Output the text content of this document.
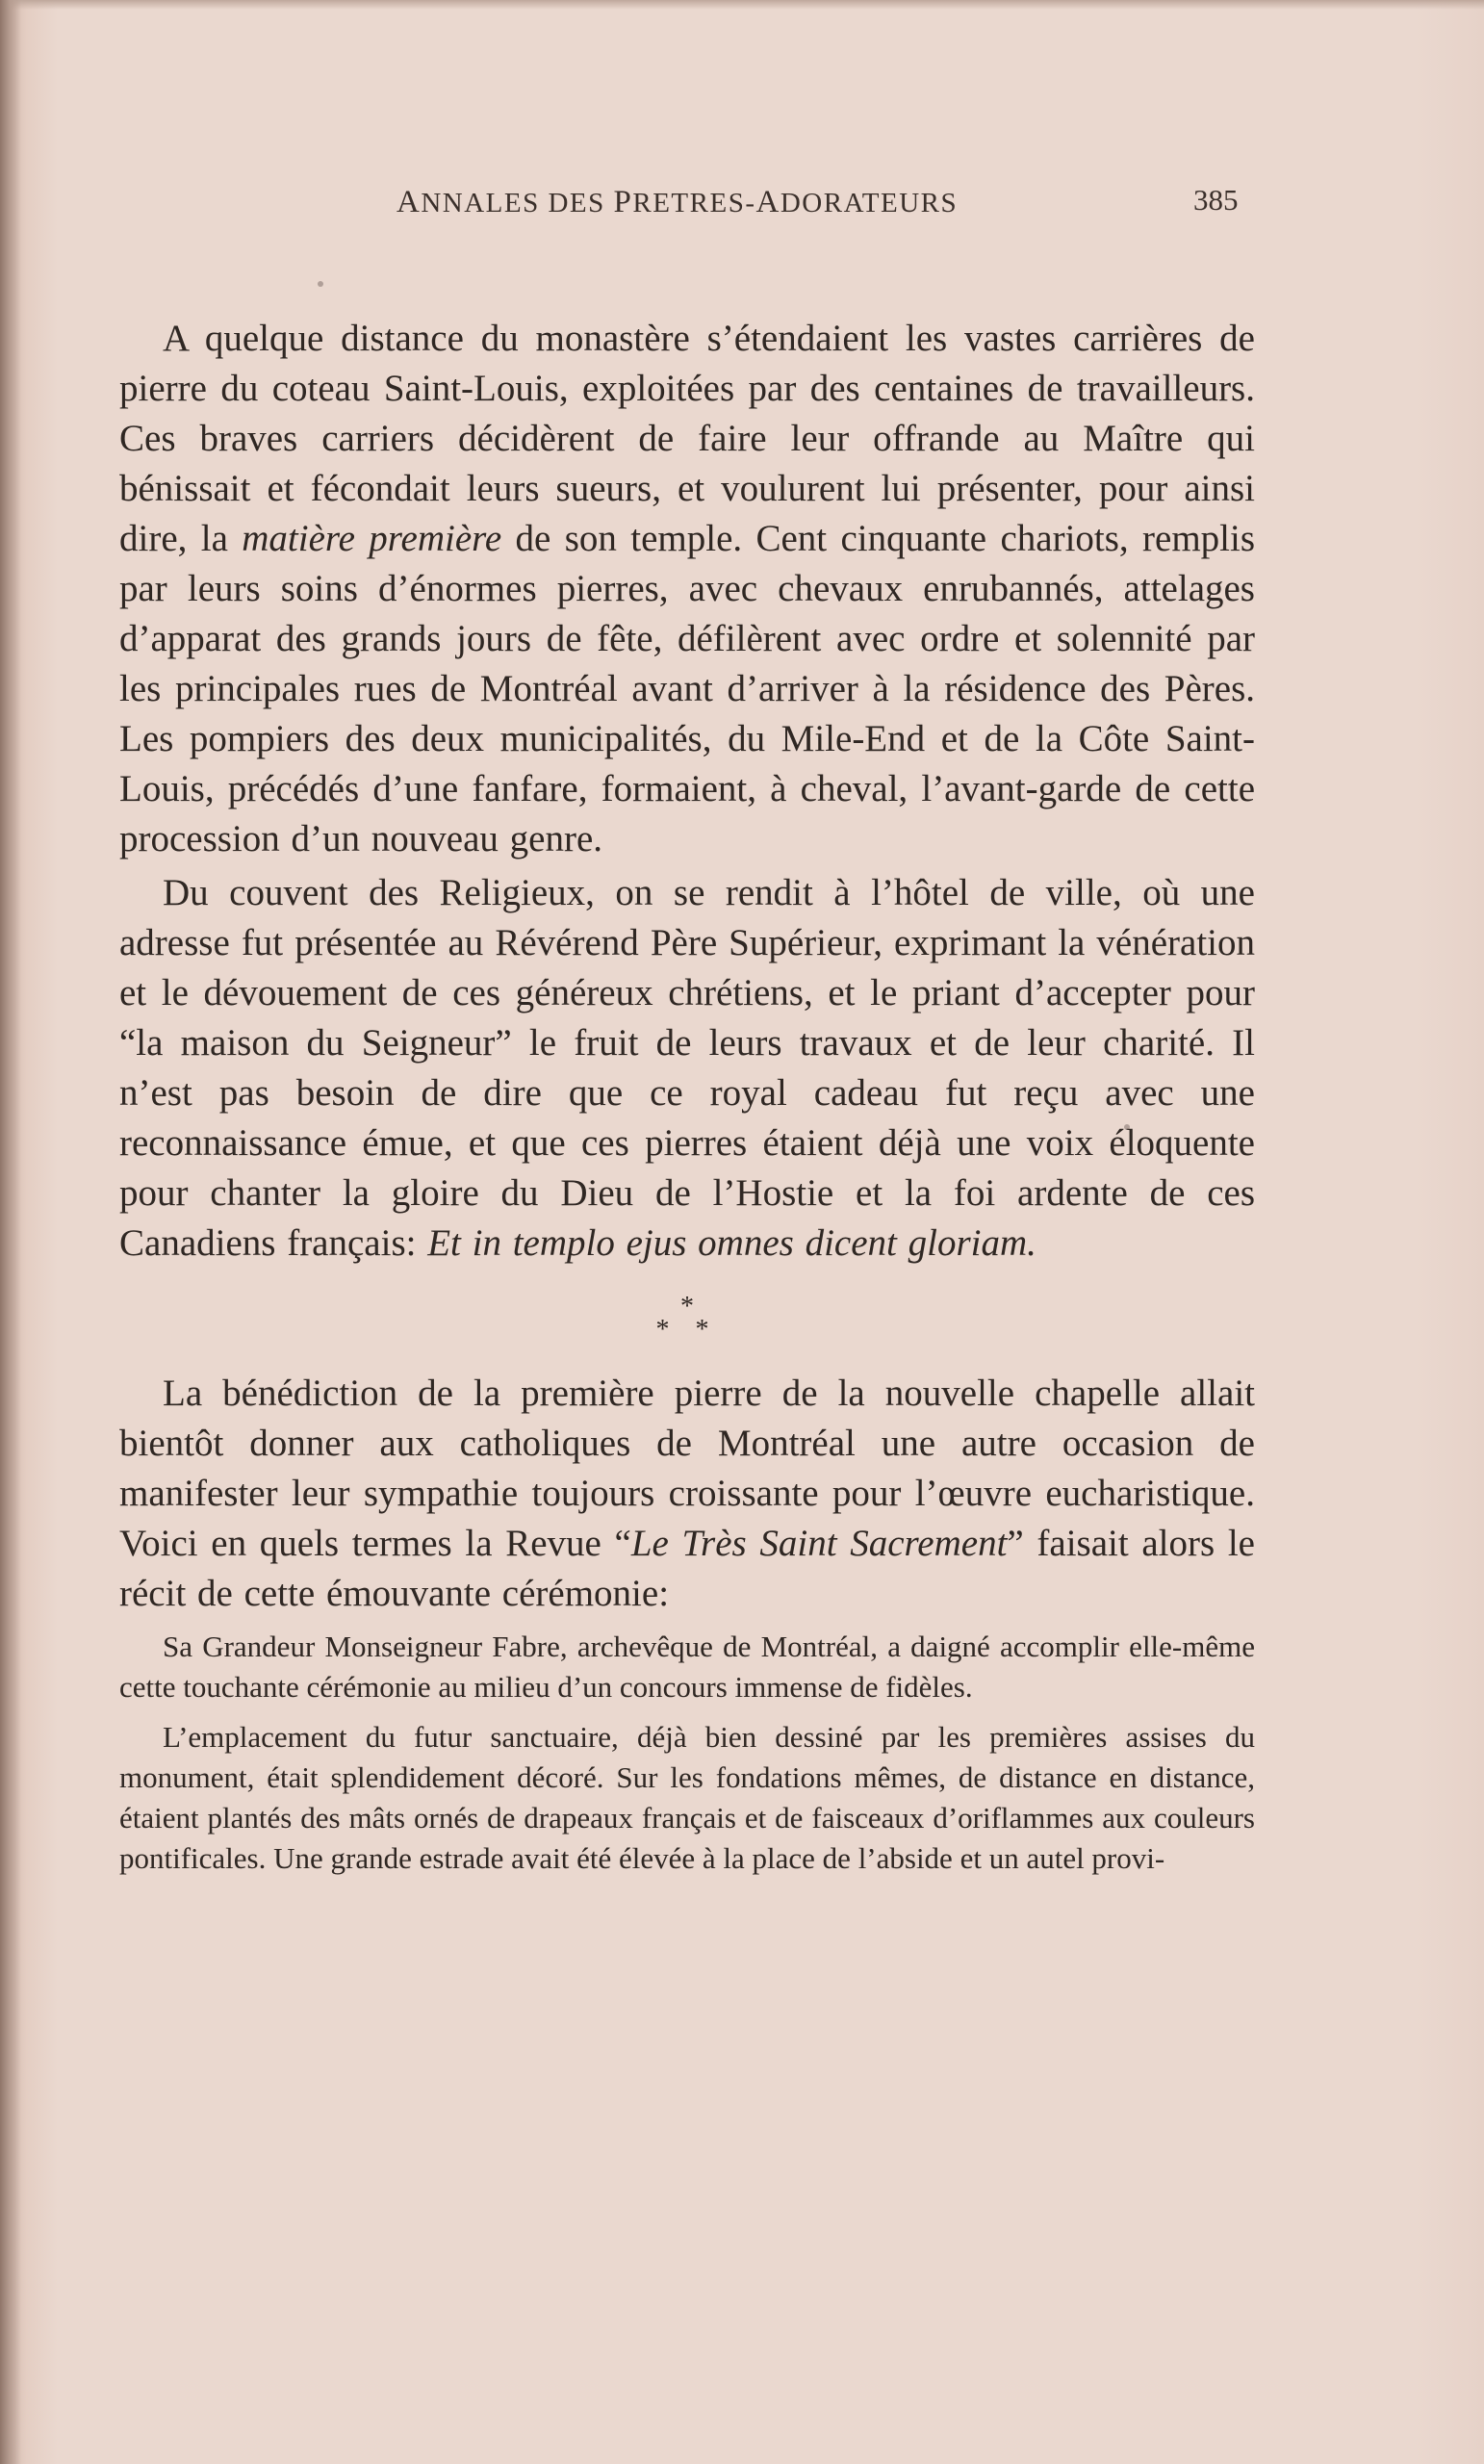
ANNALES DES PRETRES-ADORATEURS	385

A quelque distance du monastère s’étendaient les vastes carrières de pierre du coteau Saint-Louis, exploitées par des centaines de travailleurs. Ces braves carriers décidèrent de faire leur offrande au Maître qui bénissait et fécondait leurs sueurs, et voulurent lui présenter, pour ainsi dire, la matière première de son temple. Cent cinquante chariots, remplis par leurs soins d’énormes pierres, avec chevaux enrubannés, attelages d’apparat des grands jours de fête, défilèrent avec ordre et solennité par les principales rues de Montréal avant d’arriver à la résidence des Pères. Les pompiers des deux municipalités, du Mile-End et de la Côte Saint-Louis, précédés d’une fanfare, formaient, à cheval, l’avant-garde de cette procession d’un nouveau genre.

Du couvent des Religieux, on se rendit à l’hôtel de ville, où une adresse fut présentée au Révérend Père Supérieur, exprimant la vénération et le dévouement de ces généreux chrétiens, et le priant d’accepter pour “la maison du Seigneur” le fruit de leurs travaux et de leur charité. Il n’est pas besoin de dire que ce royal cadeau fut reçu avec une reconnaissance émue, et que ces pierres étaient déjà une voix éloquente pour chanter la gloire du Dieu de l’Hostie et la foi ardente de ces Canadiens français: Et in templo ejus omnes dicent gloriam.

*
* *

La bénédiction de la première pierre de la nouvelle chapelle allait bientôt donner aux catholiques de Montréal une autre occasion de manifester leur sympathie toujours croissante pour l’œuvre eucharistique. Voici en quels termes la Revue “Le Très Saint Sacrement” faisait alors le récit de cette émouvante cérémonie:

Sa Grandeur Monseigneur Fabre, archevêque de Montréal, a daigné accomplir elle-même cette touchante cérémonie au milieu d’un concours immense de fidèles.

L’emplacement du futur sanctuaire, déjà bien dessiné par les premières assises du monument, était splendidement décoré. Sur les fondations mêmes, de distance en distance, étaient plantés des mâts ornés de drapeaux français et de faisceaux d’oriflammes aux couleurs pontificales. Une grande estrade avait été élevée à la place de l’abside et un autel provi-
